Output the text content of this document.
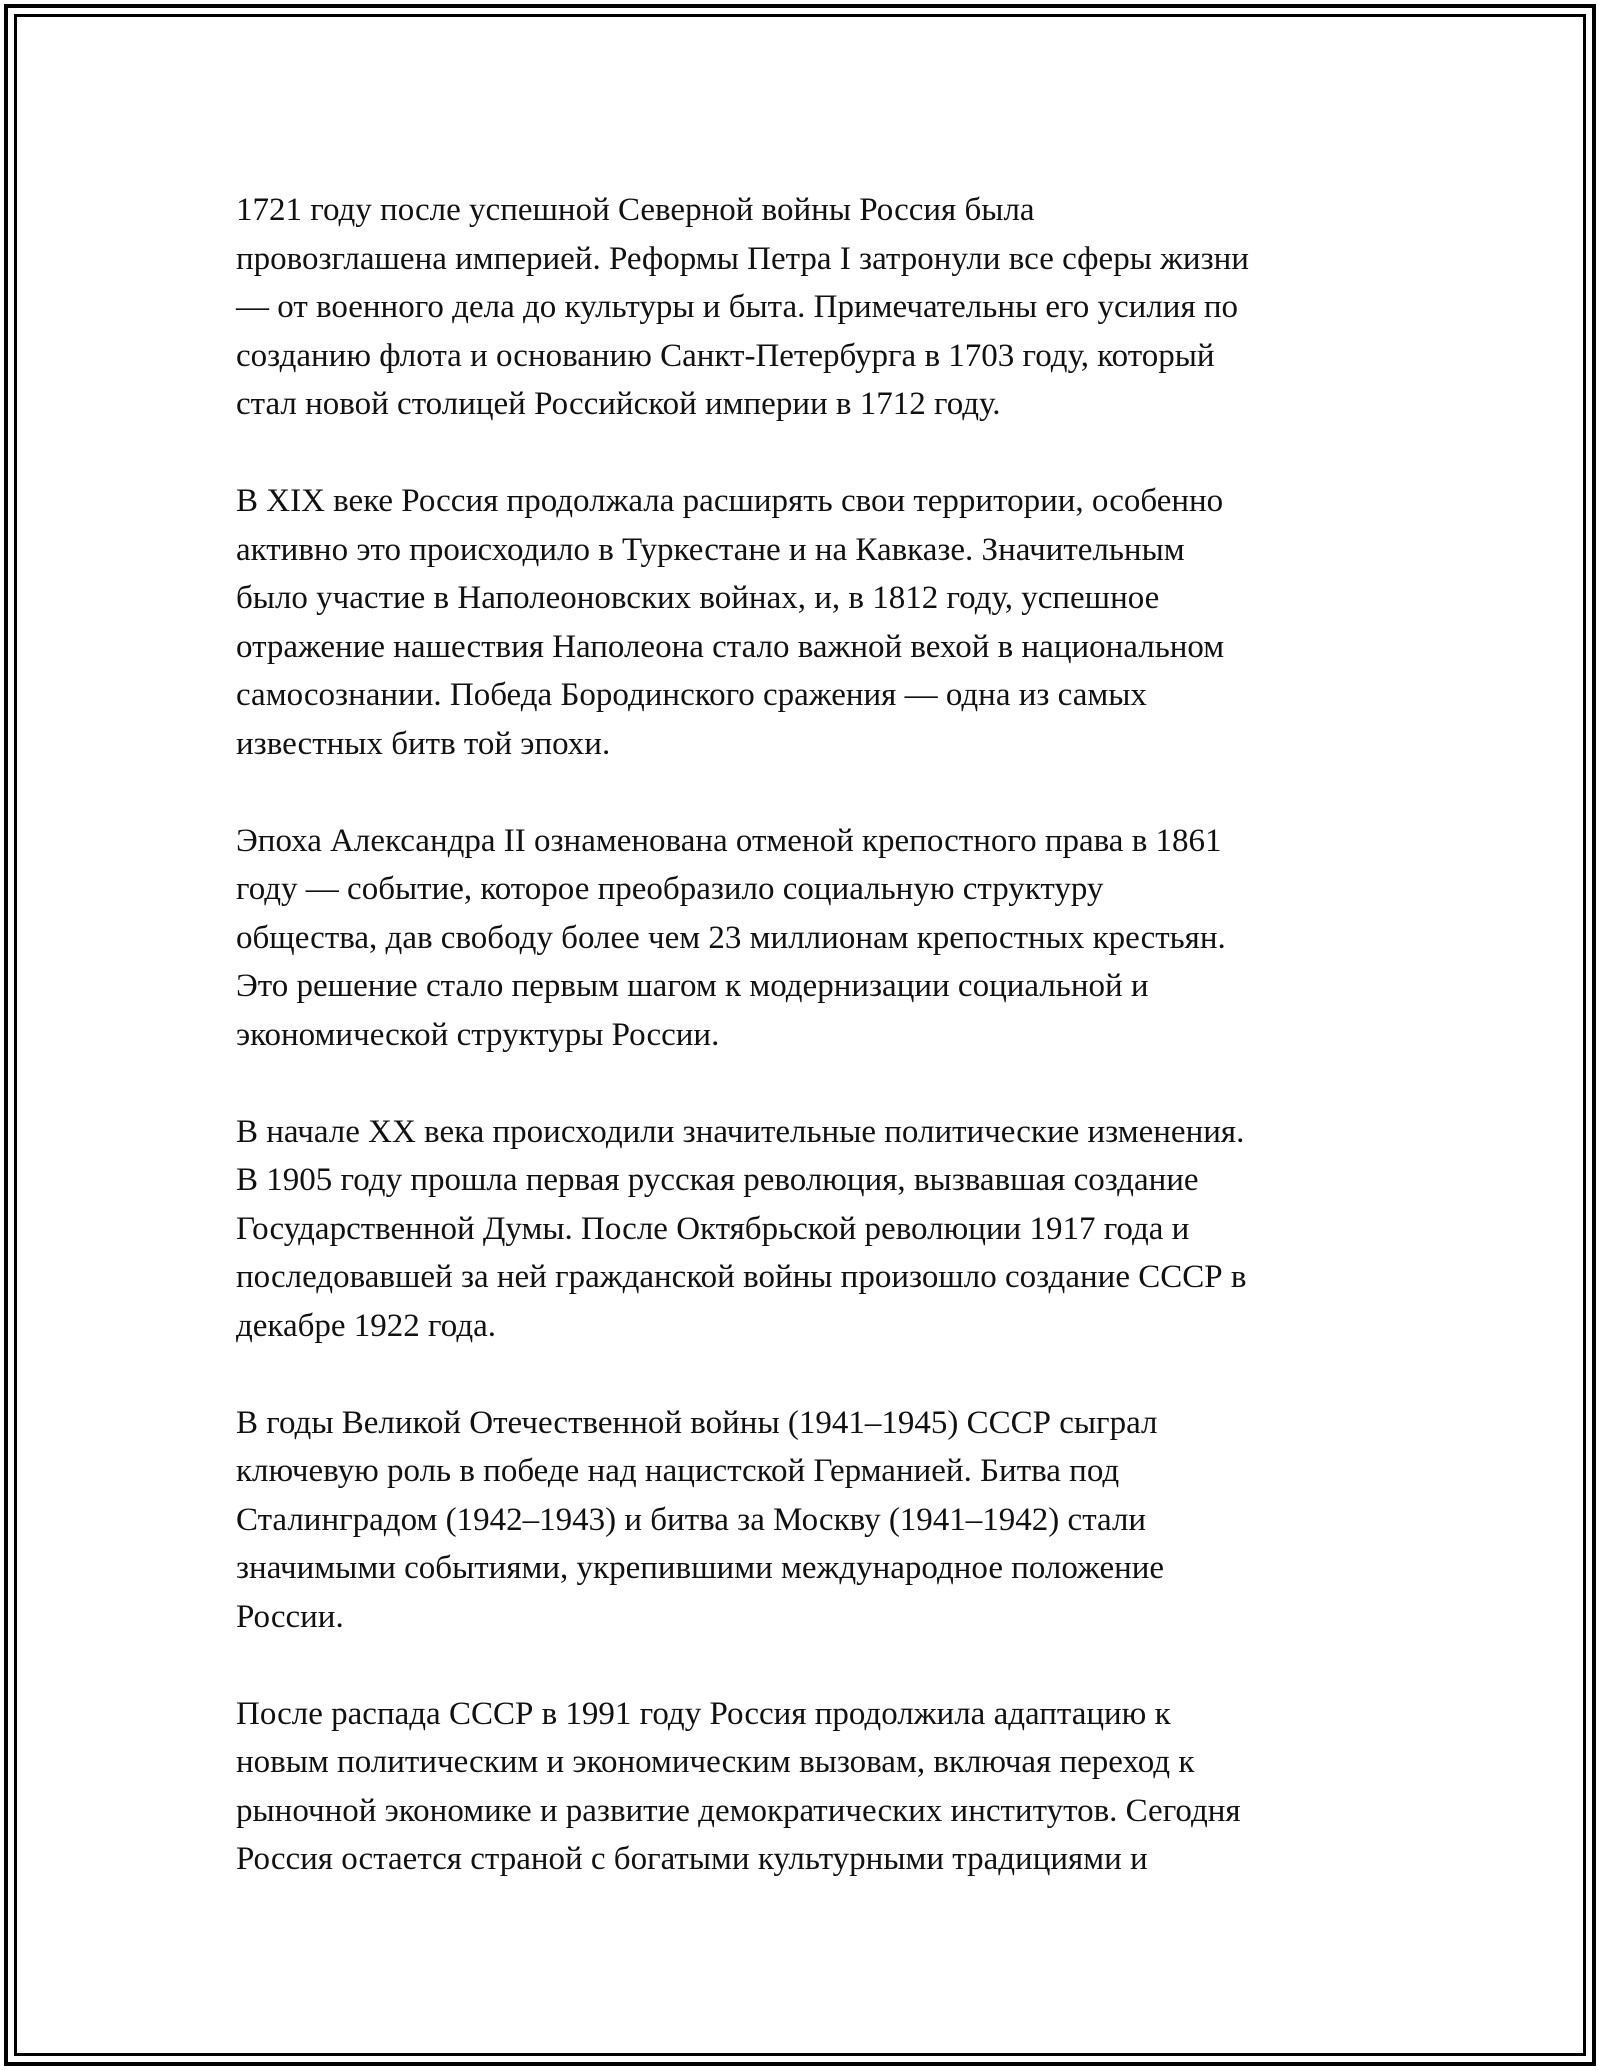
1721 году после успешной Северной войны Россия была
провозглашена империей. Реформы Петра I затронули все сферы жизни
— от военного дела до культуры и быта. Примечательны его усилия по
созданию флота и основанию Санкт-Петербурга в 1703 году, который
стал новой столицей Российской империи в 1712 году.

В XIX веке Россия продолжала расширять свои территории, особенно
активно это происходило в Туркестане и на Кавказе. Значительным
было участие в Наполеоновских войнах, и, в 1812 году, успешное
отражение нашествия Наполеона стало важной вехой в национальном
самосознании. Победа Бородинского сражения — одна из самых
известных битв той эпохи.

Эпоха Александра II ознаменована отменой крепостного права в 1861
году — событие, которое преобразило социальную структуру
общества, дав свободу более чем 23 миллионам крепостных крестьян.
Это решение стало первым шагом к модернизации социальной и
экономической структуры России.

В начале XX века происходили значительные политические изменения.
В 1905 году прошла первая русская революция, вызвавшая создание
Государственной Думы. После Октябрьской революции 1917 года и
последовавшей за ней гражданской войны произошло создание СССР в
декабре 1922 года.

В годы Великой Отечественной войны (1941–1945) СССР сыграл
ключевую роль в победе над нацистской Германией. Битва под
Сталинградом (1942–1943) и битва за Москву (1941–1942) стали
значимыми событиями, укрепившими международное положение
России.

После распада СССР в 1991 году Россия продолжила адаптацию к
новым политическим и экономическим вызовам, включая переход к
рыночной экономике и развитие демократических институтов. Сегодня
Россия остается страной с богатыми культурными традициями и
